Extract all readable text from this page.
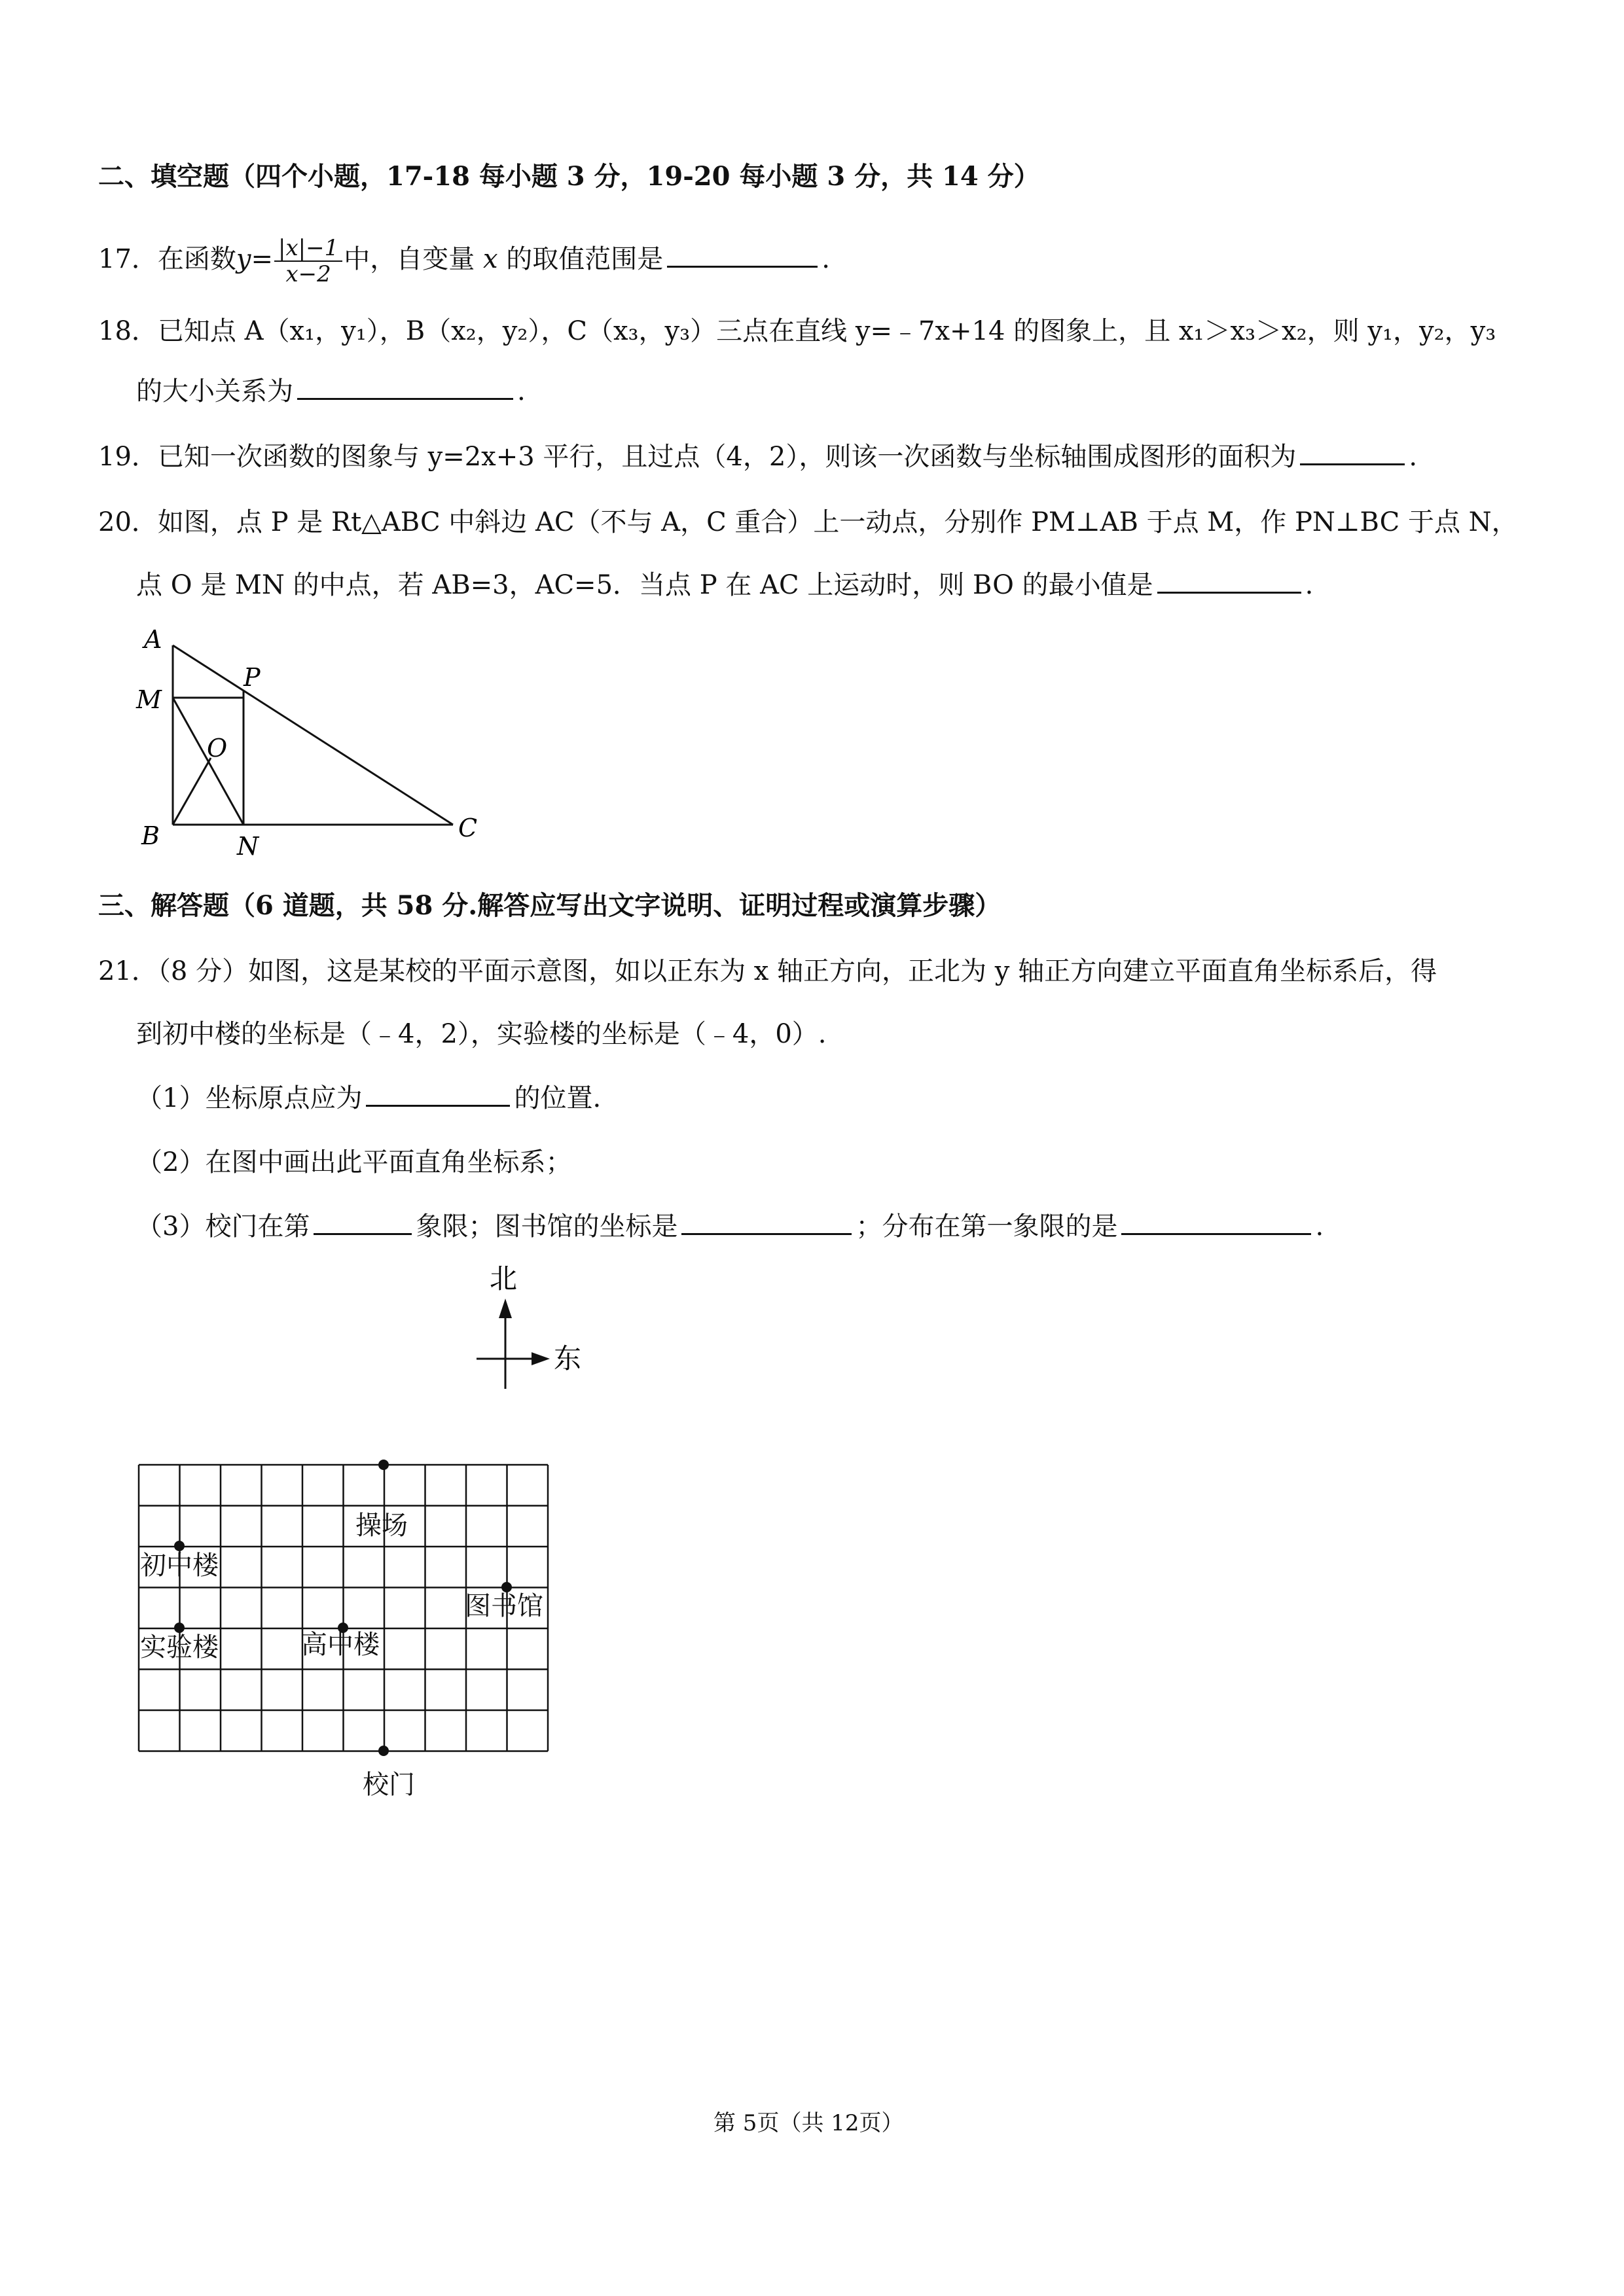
二、填空题（四个小题，17-18 每小题 3 分，19-20 每小题 3 分，共 14 分）
17．在函数$y= \frac{|x|-1}{x-2}$ 中，自变量 x 的取值范围是	.
18．已知点 A（x₁，y₁），B（x₂，y₂），C（x₃，y₃）三点在直线 y=﹣7x+14 的图象上，且 x₁＞x₃＞x₂，则 y₁，y₂，y₃
的大小关系为	.
19．已知一次函数的图象与 y=2x+3 平行，且过点（4，2），则该一次函数与坐标轴围成图形的面积为	.
20．如图，点 P 是 Rt△ABC 中斜边 AC（不与 A，C 重合）上一动点，分别作 PM⊥AB 于点 M，作 PN⊥BC 于点 N，
点 O 是 MN 的中点，若 AB=3，AC=5．当点 P 在 AC 上运动时，则 BO 的最小值是	.
A
M
P
O
B	N
C
三、解答题（6 道题，共 58 分.解答应写出文字说明、证明过程或演算步骤）
21．（8 分）如图，这是某校的平面示意图，如以正东为 x 轴正方向，正北为 y 轴正方向建立平面直角坐标系后，得
到初中楼的坐标是（﹣4，2），实验楼的坐标是（﹣4，0）.
（1）坐标原点应为	的位置.
（2）在图中画出此平面直角坐标系；
（3）校门在第	象限；图书馆的坐标是	；分布在第一象限的是	.
北
东
操场
初中楼
图书馆
实验楼	高中楼
校门
第 5页（共 12页）
